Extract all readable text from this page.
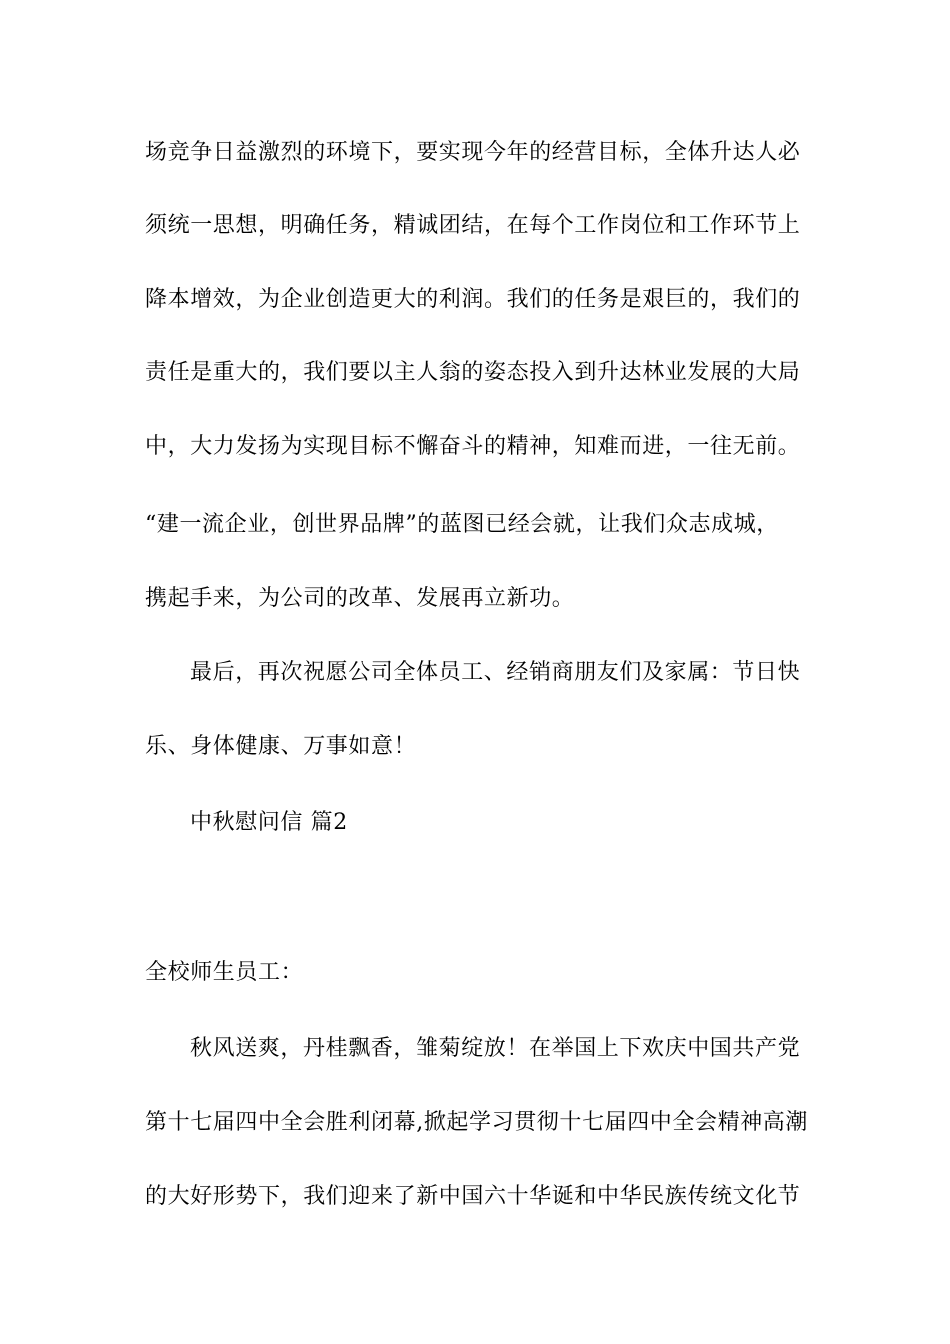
场竞争日益激烈的环境下，要实现今年的经营目标，全体升达人必
须统一思想，明确任务，精诚团结，在每个工作岗位和工作环节上
降本增效，为企业创造更大的利润。我们的任务是艰巨的，我们的
责任是重大的，我们要以主人翁的姿态投入到升达林业发展的大局
中，大力发扬为实现目标不懈奋斗的精神，知难而进，一往无前。
“建一流企业，创世界品牌”的蓝图已经会就，让我们众志成城，
携起手来，为公司的改革、发展再立新功。
最后，再次祝愿公司全体员工、经销商朋友们及家属：节日快
乐、身体健康、万事如意！
中秋慰问信 篇2
全校师生员工：
秋风送爽，丹桂飘香，雏菊绽放！在举国上下欢庆中国共产党
第十七届四中全会胜利闭幕,掀起学习贯彻十七届四中全会精神高潮
的大好形势下，我们迎来了新中国六十华诞和中华民族传统文化节
